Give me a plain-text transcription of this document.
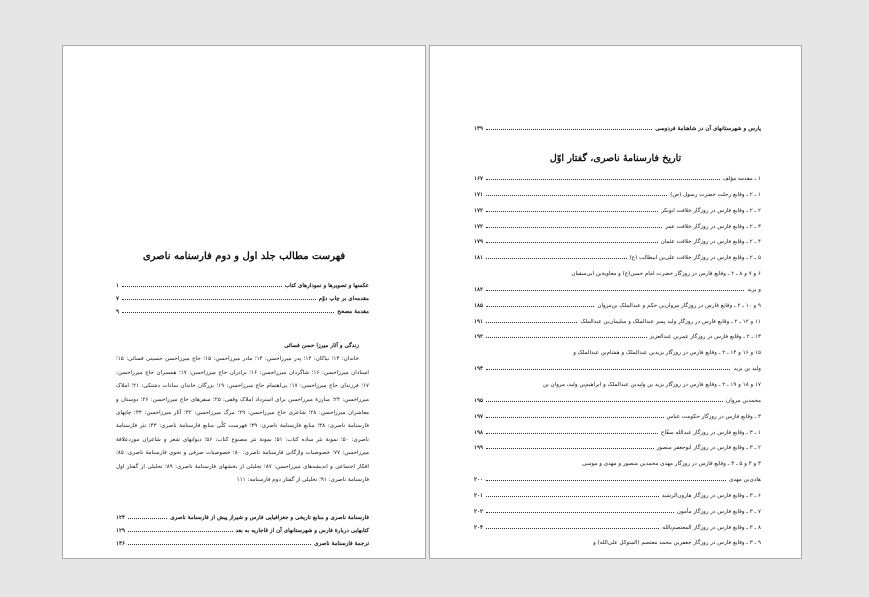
فهرست مطالب جلد اول و دوم فارسنامه ناصری
عکسها و تصویرها و نمودارهای کتاب
۱
مقدمه‌ای بر چاپ دوّم
۷
مقدمهٔ مصحح
۹
زندگی و آثار میرزا حسن فسائی

خاندان: ۱۳؛ نیاکان: ۱۴؛ پدر میرزاحسن: ۱۴؛ مادر میرزاحسن: ۱۵؛ حاج میرزاحسن حسینی فسائی: ۱۵؛ استادان میرزاحسن: ۱۶؛ شاگردان میرزاحسن: ۱۶؛ برادران حاج میرزاحسن: ۱۷؛ همسران حاج میرزاحسن: ۱۷؛ فرزندان حاج میرزاحسن: ۱۷؛ بی‌اهتمام حاج میرزاحسن: ۱۹؛ بزرگان خاندان سادات دشتکی: ۲۱؛ املاک میرزاحسن: ۲۴؛ مبارزهٔ میرزاحسن برای استرداد املاک وقفی: ۲۵؛ سفرهای حاج میرزاحسن: ۲۶؛ دوستان و معاشران میرزاحسن: ۲۸؛ شاعری حاج میرزاحسن: ۲۹؛ مرگ میرزاحسن: ۳۲؛ آثار میرزاحسن: ۳۴؛ چاپهای فارسنامهٔ ناصری: ۳۸؛ منابع فارسنامهٔ ناصری: ۳۹؛ فهرست کلّی منابع فارسنامهٔ ناصری: ۴۳؛ نثر فارسنامهٔ ناصری: ۵۰؛ نمونهٔ نثر ساده کتاب: ۵۱؛ نمونهٔ نثر مصنوع کتاب: ۵۶؛ دیوانهای شعر و شاعران موردعلاقهٔ میرزاحسن: ۷۷؛ خصوصیات واژگانی فارسنامهٔ ناصری: ۸۰؛ خصوصیات صرفی و نحوی فارسنامهٔ ناصری: ۸۵؛ افکار اجتماعی و اندیشه‌های میرزاحسن: ۸۷؛ تحلیلی از بخشهای فارسنامهٔ ناصری: ۸۹؛ تحلیلی از گفتار اول فارسنامهٔ ناصری: ۹۱؛ تحلیلی از گفتار دوم فارسنامه: ۱۱۱

فارسنامهٔ ناصری و منابع تاریخی و جغرافیایی فارس و شیراز پیش از فارسنامهٔ ناصری
۱۲۴
کتابهایی دربارهٔ فارس و شهرستانهای آن از قاجاریه به بعد
۱۲۹
ترجمهٔ فارسنامهٔ ناصری
۱۳۶
پارس و شهرستانهای آن در شاهنامهٔ فردوسی
۱۳۹
تاریخ فارسنامهٔ ناصری، گفتار اوّل
۱ ـ مقدمه مؤلف
۱۶۷
۱ ـ ۲ ـ وقایع رحلت حضرت رسول (ص)
۱۷۱
۲ ـ ۲ ـ وقایع فارس در روزگار خلافت ابوبکر
۱۷۲
۳ ـ ۲ ـ وقایع فارس در روزگار خلافت عمر
۱۷۲
۴ ـ ۲ ـ وقایع فارس در روزگار خلافت عثمان
۱۷۹
۵ ـ ۲ ـ وقایع فارس در روزگار خلافت علی‌بن ابیطالب (ع)
۱۸۱
۶ و ۷ و ۸ ـ ۲ ـ وقایع فارس در روزگار حضرت امام حسن(ع) و معاویة‌بن ابی‌سفیان
و یزید
۱۸۲
۹ و ۱۰ ـ ۲ ـ وقایع فارس در روزگار مروان‌بن حکم و عبدالملک بن‌مروان
۱۸۵
۱۱ و ۱۲ ـ ۲ ـ وقایع فارس در روزگار ولید پسر عبدالملک و سلیمان‌بن عبدالملک
۱۹۱
۱۳ ـ ۲ ـ وقایع فارس در روزگار عمربن عبدالعزیز
۱۹۲
۱۵ و ۱۶ و ۱۴ ـ ۲ ـ وقایع فارس در روزگار یزیدبن عبدالملک و هشام‌بن عبدالملک و
ولید بن یزید
۱۹۴
۱۷ و ۱۸ و ۱۹ ـ ۲ ـ وقایع فارس در روزگار یزید بن ولیدبن عبدالملک و ابراهیم‌بن ولید، مروان بن
محمدبن مروان
۱۹۵
۳ ـ وقایع فارس در روزگار حکومت عباس
۱۹۷
۱ ـ ۳ ـ وقایع فارس در روزگار عبدالله سفّاح
۱۹۸
۲ ـ ۳ ـ وقایع فارس در روزگار ابوجعفر منصور
۱۹۹
۳ و ۴ و ۵ ـ ۳ ـ وقایع فارس در روزگار مهدی محمدبن منصور و مهدی و موسی
هادی‌بن مهدی
۲۰۰
۶ ـ ۳ ـ وقایع فارس در روزگار هارون‌الرشید
۲۰۱
۷ ـ ۳ ـ وقایع فارس در روزگار مأمون
۲۰۲
۸ ـ ۳ ـ وقایع فارس در روزگار المعتصم‌بالله
۲۰۴
۹ ـ ۳ ـ وقایع فارس در روزگار جعفربن محمد معتصم (المتوکل علی‌الله) و
